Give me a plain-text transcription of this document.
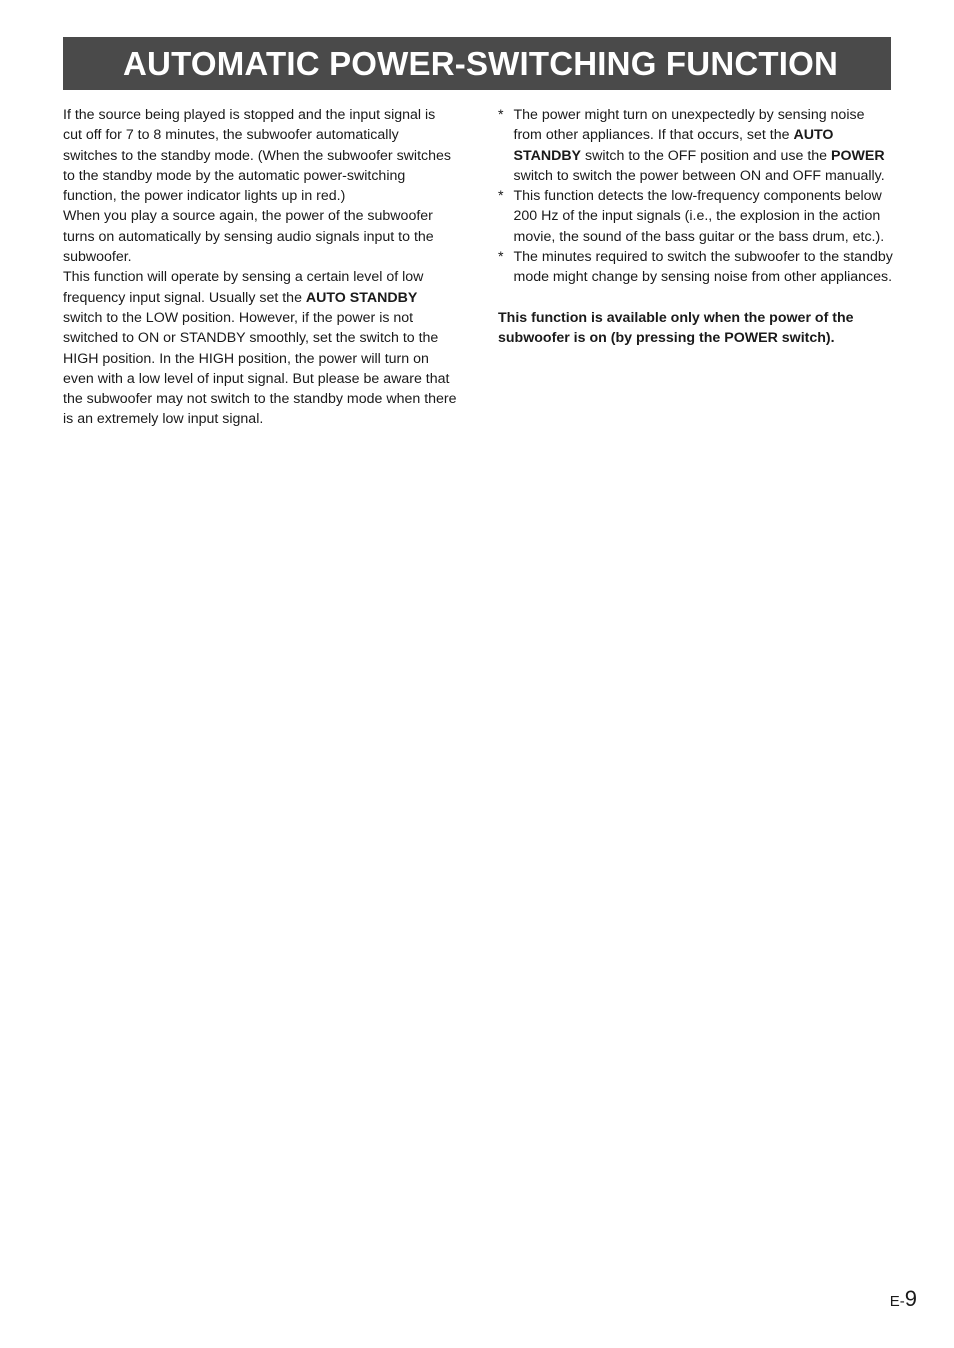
AUTOMATIC POWER-SWITCHING FUNCTION

If the source being played is stopped and the input signal is cut off for 7 to 8 minutes, the subwoofer automatically switches to the standby mode. (When the subwoofer switches to the standby mode by the automatic power-switching function, the power indicator lights up in red.)

When you play a source again, the power of the subwoofer turns on automatically by sensing audio signals input to the subwoofer.

This function will operate by sensing a certain level of low frequency input signal. Usually set the AUTO STANDBY switch to the LOW position. However, if the power is not switched to ON or STANDBY smoothly, set the switch to the HIGH position. In the HIGH position, the power will turn on even with a low level of input signal. But please be aware that the subwoofer may not switch to the standby mode when there is an extremely low input signal.

* The power might turn on unexpectedly by sensing noise from other appliances. If that occurs, set the AUTO STANDBY switch to the OFF position and use the POWER switch to switch the power between ON and OFF manually.
* This function detects the low-frequency components below 200 Hz of the input signals (i.e., the explosion in the action movie, the sound of the bass guitar or the bass drum, etc.).
* The minutes required to switch the subwoofer to the standby mode might change by sensing noise from other appliances.

This function is available only when the power of the subwoofer is on (by pressing the POWER switch).

E-9
